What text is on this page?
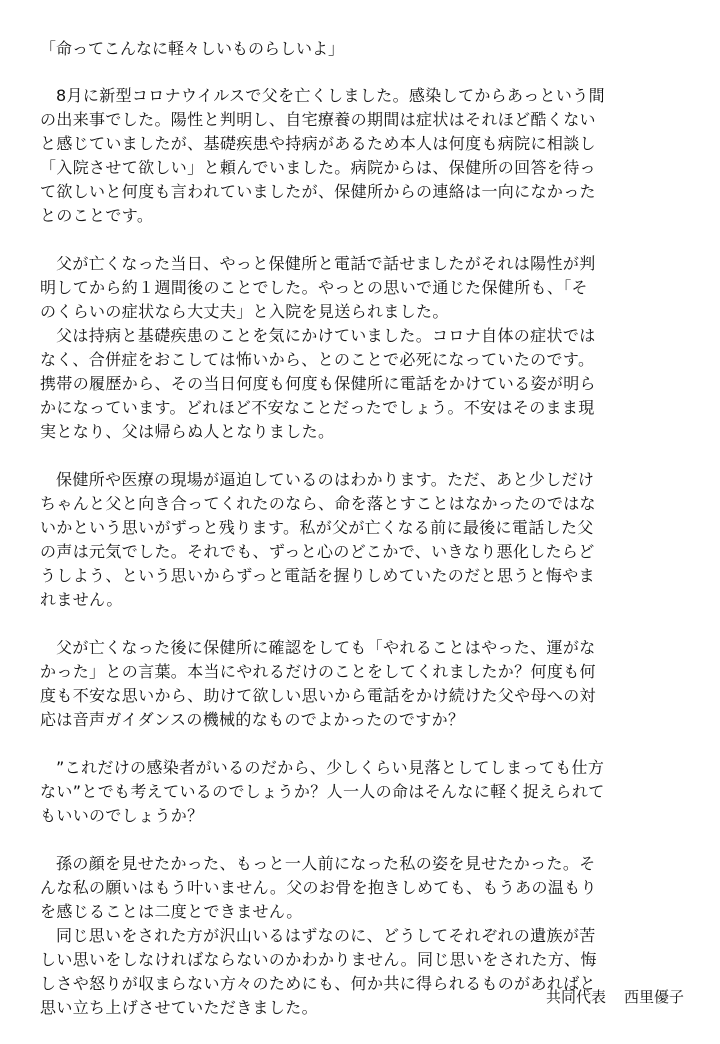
「命ってこんなに軽々しいものらしいよ」
8月に新型コロナウイルスで父を亡くしました。感染してからあっという間
の出来事でした。陽性と判明し、自宅療養の期間は症状はそれほど酷くない
と感じていましたが、基礎疾患や持病があるため本人は何度も病院に相談し
「入院させて欲しい」と頼んでいました。病院からは、保健所の回答を待っ
て欲しいと何度も言われていましたが、保健所からの連絡は一向になかった
とのことです。
父が亡くなった当日、やっと保健所と電話で話せましたがそれは陽性が判
明してから約１週間後のことでした。やっとの思いで通じた保健所も、「そ
のくらいの症状なら大丈夫」と入院を見送られました。
父は持病と基礎疾患のことを気にかけていました。コロナ自体の症状では
なく、合併症をおこしては怖いから、とのことで必死になっていたのです。
携帯の履歴から、その当日何度も何度も保健所に電話をかけている姿が明ら
かになっています。どれほど不安なことだったでしょう。不安はそのまま現
実となり、父は帰らぬ人となりました。
保健所や医療の現場が逼迫しているのはわかります。ただ、あと少しだけ
ちゃんと父と向き合ってくれたのなら、命を落とすことはなかったのではな
いかという思いがずっと残ります。私が父が亡くなる前に最後に電話した父
の声は元気でした。それでも、ずっと心のどこかで、いきなり悪化したらど
うしよう、という思いからずっと電話を握りしめていたのだと思うと悔やま
れません。
父が亡くなった後に保健所に確認をしても「やれることはやった、運がな
かった」との言葉。本当にやれるだけのことをしてくれましたか？何度も何
度も不安な思いから、助けて欲しい思いから電話をかけ続けた父や母への対
応は音声ガイダンスの機械的なものでよかったのですか？
”これだけの感染者がいるのだから、少しくらい見落としてしまっても仕方
ない”とでも考えているのでしょうか？人一人の命はそんなに軽く捉えられて
もいいのでしょうか？
孫の顔を見せたかった、もっと一人前になった私の姿を見せたかった。そ
んな私の願いはもう叶いません。父のお骨を抱きしめても、もうあの温もり
を感じることは二度とできません。
同じ思いをされた方が沢山いるはずなのに、どうしてそれぞれの遺族が苦
しい思いをしなければならないのかわかりません。同じ思いをされた方、悔
しさや怒りが収まらない方々のためにも、何か共に得られるものがあればと
思い立ち上げさせていただきました。
共同代表 西里優子
